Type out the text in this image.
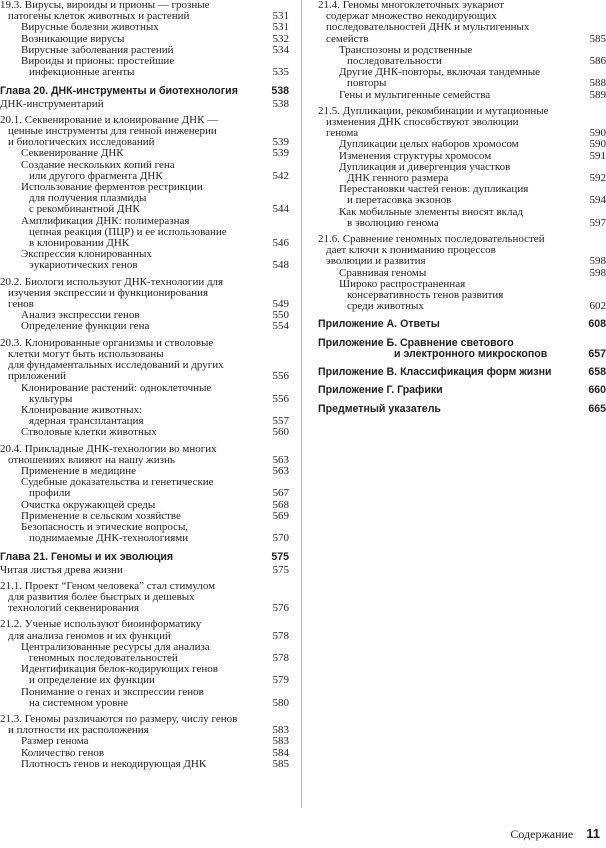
19.3. Вирусы, вироиды и прионы — грозные
патогены клеток животных и растений	531
Вирусные болезни животных	531
Возникающие вирусы	532
Вирусные заболевания растений	534
Вироиды и прионы: простейшие
инфекционные агенты	535
Глава 20. ДНК-инструменты и биотехнология	538
ДНК-инструментарий	538
20.1. Секвенирование и клонирование ДНК —
ценные инструменты для генной инженерии
и биологических исследований	539
Секвенирование ДНК	539
Создание нескольких копий гена
или другого фрагмента ДНК	542
Использование ферментов рестрикции
для получения плазмиды
с рекомбинантной ДНК	544
Амплификация ДНК: полимеразная
цепная реакция (ПЦР) и ее использование
в клонировании ДНК	546
Экспрессия клонированных
эукариотических генов	548
20.2. Биологи используют ДНК-технологии для
изучения экспрессии и функционирования
генов	549
Анализ экспрессии генов	550
Определение функции гена	554
20.3. Клонированные организмы и стволовые
клетки могут быть использованы
для фундаментальных исследований и других
приложений	556
Клонирование растений: одноклеточные
культуры	556
Клонирование животных:
ядерная трансплантация	557
Стволовые клетки животных	560
20.4. Прикладные ДНК-технологии во многих
отношениях влияют на нашу жизнь	563
Применение в медицине	563
Судебные доказательства и генетические
профили	567
Очистка окружающей среды	568
Применение в сельском хозяйстве	569
Безопасность и этические вопросы,
поднимаемые ДНК-технологиями	570
Глава 21. Геномы и их эволюция	575
Читая листья древа жизни	575
21.1. Проект “Геном человека” стал стимулом
для развития более быстрых и дешевых
технологий секвенирования	576
21.2. Ученые используют биоинформатику
для анализа геномов и их функций	578
Централизованные ресурсы для анализа
геномных последовательностей	578
Идентификация белок-кодирующих генов
и определение их функции	579
Понимание о генах и экспрессии генов
на системном уровне	580
21.3. Геномы различаются по размеру, числу генов
и плотности их расположения	583
Размер генома	583
Количество генов	584
Плотность генов и некодирующая ДНК	585
21.4. Геномы многоклеточных эукариот
содержат множество некодирующих
последовательностей ДНК и мультигенных
семейств	585
Транспозоны и родственные
последовательности	586
Другие ДНК-повторы, включая тандемные
повторы	588
Гены и мультигенные семейства	589
21.5. Дупликации, рекомбинации и мутационные
изменения ДНК способствуют эволюции
генома	590
Дупликации целых наборов хромосом	590
Изменения структуры хромосом	591
Дупликация и дивергенция участков
ДНК генного размера	592
Перестановки частей генов: дупликация
и перетасовка экзонов	594
Как мобильные элементы вносят вклад
в эволюцию генома	597
21.6. Сравнение геномных последовательностей
дает ключи к пониманию процессов
эволюции и развития	598
Сравнивая геномы	598
Широко распространенная
консервативность генов развития
среди животных	602
Приложение А. Ответы	608
Приложение Б. Сравнение светового
и электронного микроскопов	657
Приложение В. Классификация форм жизни	658
Приложение Г. Графики	660
Предметный указатель	665
Содержание 11
